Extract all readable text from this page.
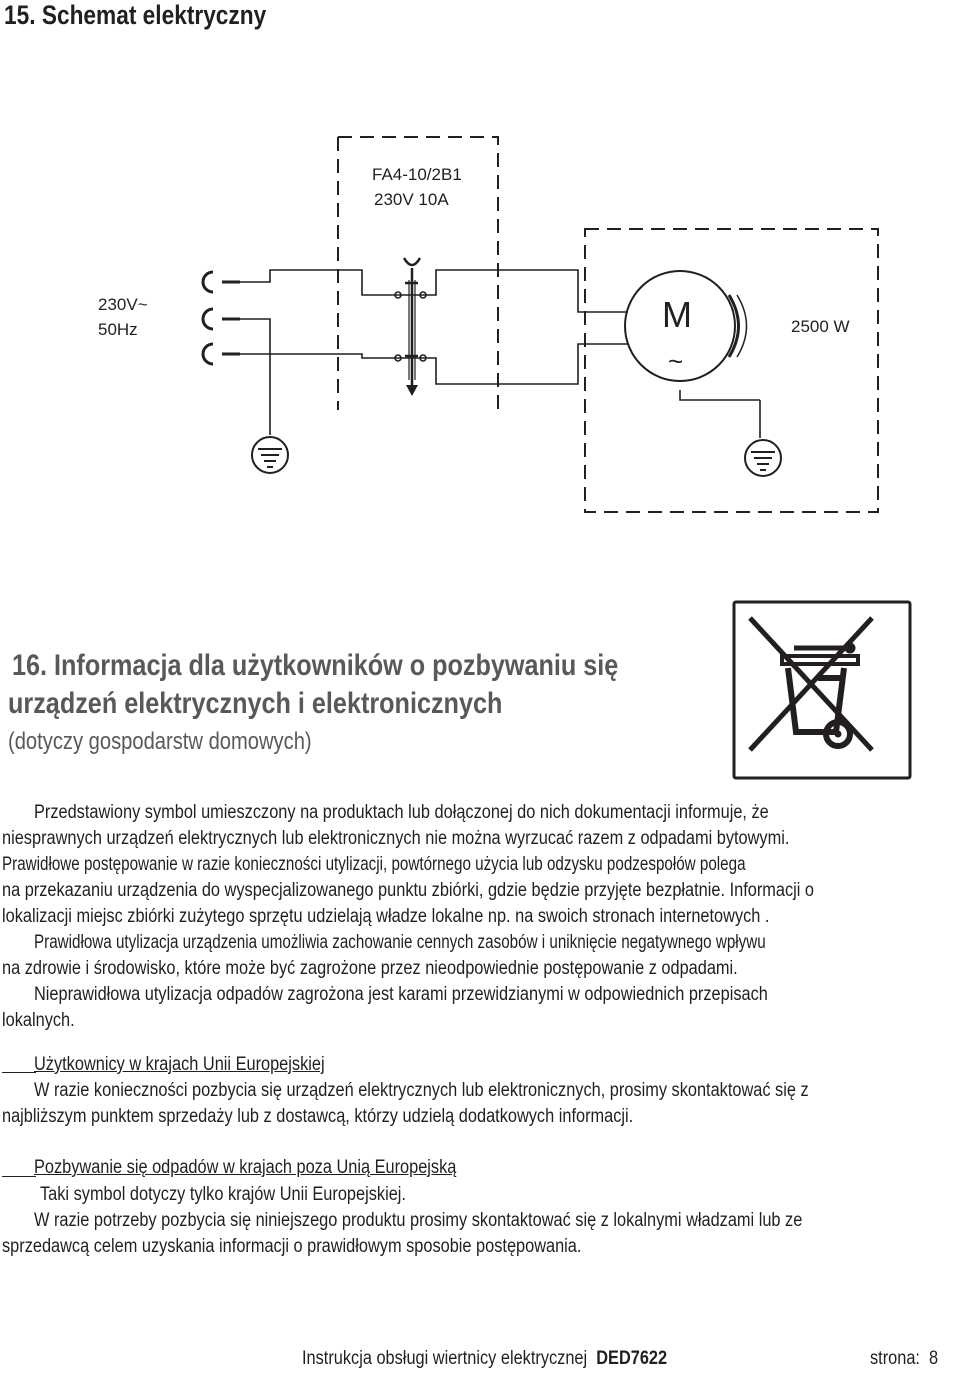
15. Schemat elektryczny
FA4-10/2B1
230V 10A
230V~
50Hz	M
~
2500 W
16. Informacja dla użytkowników o pozbywaniu się
urządzeń elektrycznych i elektronicznych
(dotyczy gospodarstw domowych)
Przedstawiony symbol umieszczony na produktach lub dołączonej do nich dokumentacji informuje, że
niesprawnych urządzeń elektrycznych lub elektronicznych nie można wyrzucać razem z odpadami bytowymi.
Prawidłowe postępowanie w razie konieczności utylizacji, powtórnego użycia lub odzysku podzespołów polega
na przekazaniu urządzenia do wyspecjalizowanego punktu zbiórki, gdzie będzie przyjęte bezpłatnie. Informacji o
lokalizacji miejsc zbiórki zużytego sprzętu udzielają władze lokalne np. na swoich stronach internetowych .
Prawidłowa utylizacja urządzenia umożliwia zachowanie cennych zasobów i uniknięcie negatywnego wpływu
na zdrowie i środowisko, które może być zagrożone przez nieodpowiednie postępowanie z odpadami.
Nieprawidłowa utylizacja odpadów zagrożona jest karami przewidzianymi w odpowiednich przepisach
lokalnych.
Użytkownicy w krajach Unii Europejskiej
W razie konieczności pozbycia się urządzeń elektrycznych lub elektronicznych, prosimy skontaktować się z
najbliższym punktem sprzedaży lub z dostawcą, którzy udzielą dodatkowych informacji.
Pozbywanie się odpadów w krajach poza Unią Europejską
Taki symbol dotyczy tylko krajów Unii Europejskiej.
W razie potrzeby pozbycia się niniejszego produktu prosimy skontaktować się z lokalnymi władzami lub ze
sprzedawcą celem uzyskania informacji o prawidłowym sposobie postępowania.
Instrukcja obsługi wiertnicy elektrycznej DED7622	strona: 8
